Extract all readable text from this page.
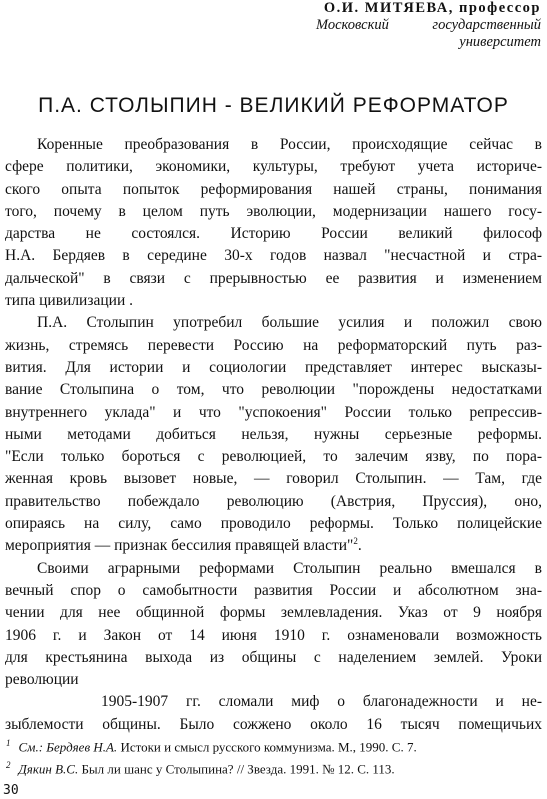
О.И. МИТЯЕВА, профессор
Московский государственный
университет
П.А. СТОЛЫПИН - ВЕЛИКИЙ РЕФОРМАТОР
Коренные преобразования в России, происходящие сейчас в
сфере политики, экономики, культуры, требуют учета историче-
ского опыта попыток реформирования нашей страны, понимания
того, почему в целом путь эволюции, модернизации нашего госу-
дарства не состоялся. Историю России великий философ
Н.А. Бердяев в середине 30-х годов назвал "несчастной и стра-
дальческой" в связи с прерывностью ее развития и изменением
типа цивилизации .
П.А. Столыпин употребил большие усилия и положил свою
жизнь, стремясь перевести Россию на реформаторский путь раз-
вития. Для истории и социологии представляет интерес высказы-
вание Столыпина о том, что революции "порождены недостатками
внутреннего уклада" и что "успокоения" России только репрессив-
ными методами добиться нельзя, нужны серьезные реформы.
"Если только бороться с революцией, то залечим язву, по пора-
женная кровь вызовет новые, — говорил Столыпин. — Там, где
правительство побеждало революцию (Австрия, Пруссия), оно,
опираясь на силу, само проводило реформы. Только полицейские
мероприятия — признак бессилия правящей власти"$^2$.
Своими аграрными реформами Столыпин реально вмешался в
вечный спор о самобытности развития России и абсолютном зна-
чении для нее общинной формы землевладения. Указ от 9 ноября
1906 г. и Закон от 14 июня 1910 г. ознаменовали возможность
для крестьянина выхода из общины с наделением землей. Уроки
революции
1905-1907 гг. сломали миф о благонадежности и не-
зыблемости общины. Было сожжено около 16 тысяч помещичьих
$^1$ См.: Бердяев Н.А. Истоки и смысл русского коммунизма. М., 1990. С. 7.
$^2$ Дякин В.С. Был ли шанс у Столыпина? // Звезда. 1991. № 12. С. 113.
30
